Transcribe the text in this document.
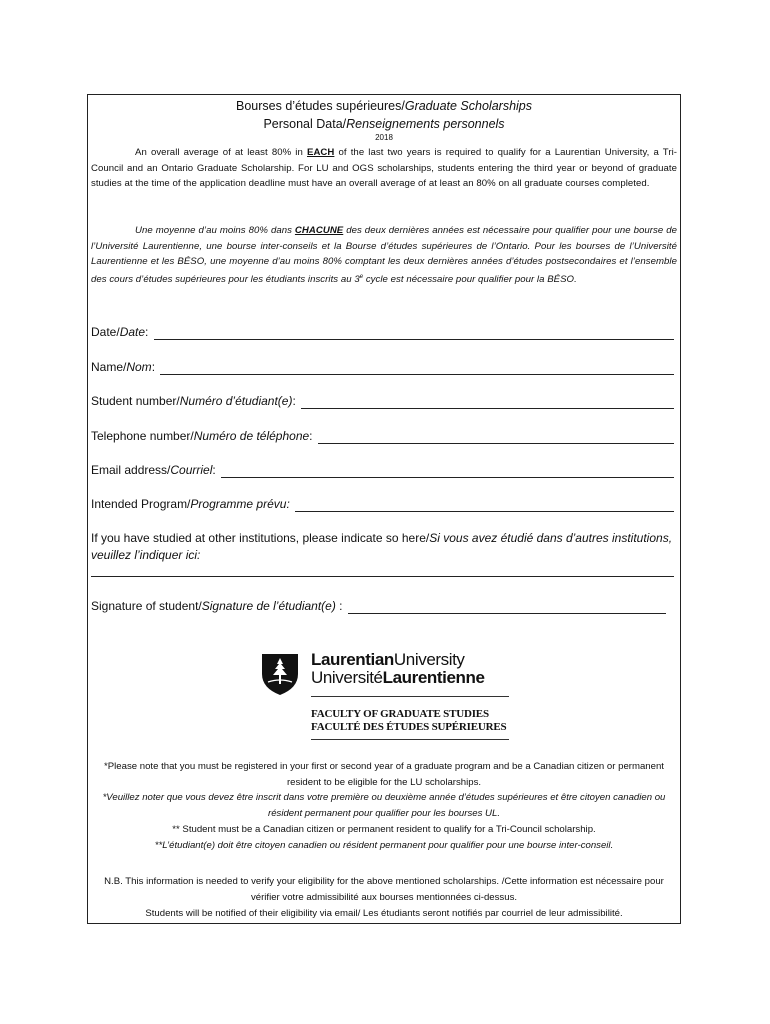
Bourses d’études supérieures/Graduate Scholarships
Personal Data/Renseignements personnels
2018
An overall average of at least 80% in EACH of the last two years is required to qualify for a Laurentian University, a Tri-Council and an Ontario Graduate Scholarship. For LU and OGS scholarships, students entering the third year or beyond of graduate studies at the time of the application deadline must have an overall average of at least an 80% on all graduate courses completed.
Une moyenne d’au moins 80% dans CHACUNE des deux dernières années est nécessaire pour qualifier pour une bourse de l’Université Laurentienne, une bourse inter-conseils et la Bourse d’études supérieures de l’Ontario. Pour les bourses de l’Université Laurentienne et les BÉSO, une moyenne d’au moins 80% comptant les deux dernières années d’études postsecondaires et l’ensemble des cours d’études supérieures pour les étudiants inscrits au 3e cycle est nécessaire pour qualifier pour la BÉSO.
Date/Date:
Name/Nom:
Student number/Numéro d’étudiant(e):
Telephone number/Numéro de téléphone:
Email address/Courriel:
Intended Program/Programme prévu:
If you have studied at other institutions, please indicate so here/Si vous avez étudié dans d’autres institutions, veuillez l’indiquer ici:
Signature of student/Signature de l’étudiant(e) :
LaurentianUniversity
UniversitéLaurentienne
FACULTY OF GRADUATE STUDIES
FACULTÉ DES ÉTUDES SUPÉRIEURES
*Please note that you must be registered in your first or second year of a graduate program and be a Canadian citizen or permanent resident to be eligible for the LU scholarships.
*Veuillez noter que vous devez être inscrit dans votre première ou deuxième année d’études supérieures et être citoyen canadien ou résident permanent pour qualifier pour les bourses UL.
** Student must be a Canadian citizen or permanent resident to qualify for a Tri-Council scholarship.
**L’étudiant(e) doit être citoyen canadien ou résident permanent pour qualifier pour une bourse inter-conseil.
N.B. This information is needed to verify your eligibility for the above mentioned scholarships. /Cette information est nécessaire pour vérifier votre admissibilité aux bourses mentionnées ci-dessus.
Students will be notified of their eligibility via email/ Les étudiants seront notifiés par courriel de leur admissibilité.
